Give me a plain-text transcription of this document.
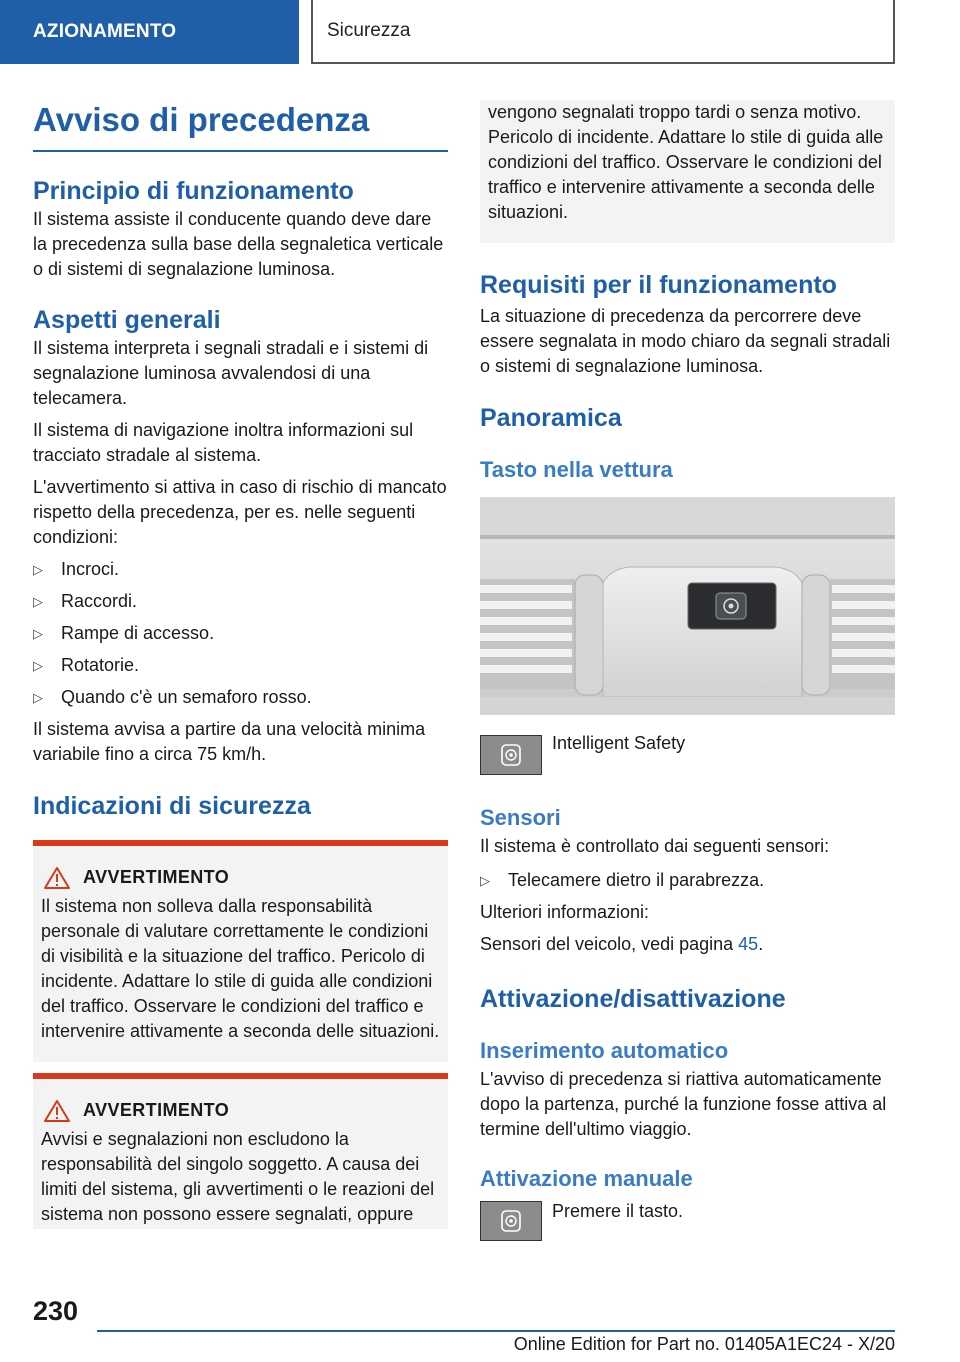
AZIONAMENTO	Sicurezza
Avviso di precedenza
Principio di funzionamento

Il sistema assiste il conducente quando deve dare la precedenza sulla base della segnaletica verticale o di sistemi di segnalazione luminosa.

Aspetti generali

Il sistema interpreta i segnali stradali e i sistemi di segnalazione luminosa avvalendosi di una telecamera.

Il sistema di navigazione inoltra informazioni sul tracciato stradale al sistema.

L'avvertimento si attiva in caso di rischio di mancato rispetto della precedenza, per es. nelle seguenti condizioni:

▷ Incroci.
▷ Raccordi.
▷ Rampe di accesso.
▷ Rotatorie.
▷ Quando c'è un semaforo rosso.

Il sistema avvisa a partire da una velocità minima variabile fino a circa 75 km/h.

Indicazioni di sicurezza
AVVERTIMENTO

Il sistema non solleva dalla responsabilità personale di valutare correttamente le condizioni di visibilità e la situazione del traffico. Pericolo di incidente. Adattare lo stile di guida alle condizioni del traffico. Osservare le condizioni del traffico e intervenire attivamente a seconda delle situazioni.

AVVERTIMENTO

Avvisi e segnalazioni non escludono la responsabilità del singolo soggetto. A causa dei limiti del sistema, gli avvertimenti o le reazioni del sistema non possono essere segnalati, oppure

vengono segnalati troppo tardi o senza motivo. Pericolo di incidente. Adattare lo stile di guida alle condizioni del traffico. Osservare le condizioni del traffico e intervenire attivamente a seconda delle situazioni.

Requisiti per il funzionamento

La situazione di precedenza da percorrere deve essere segnalata in modo chiaro da segnali stradali o sistemi di segnalazione luminosa.

Panoramica
Tasto nella vettura

Intelligent Safety

Sensori

Il sistema è controllato dai seguenti sensori:

▷ Telecamere dietro il parabrezza.

Ulteriori informazioni:

Sensori del veicolo, vedi pagina 45.

Attivazione/disattivazione
Inserimento automatico

L'avviso di precedenza si riattiva automaticamente dopo la partenza, purché la funzione fosse attiva al termine dell'ultimo viaggio.

Attivazione manuale

Premere il tasto.

230
Online Edition for Part no. 01405A1EC24 - X/20
